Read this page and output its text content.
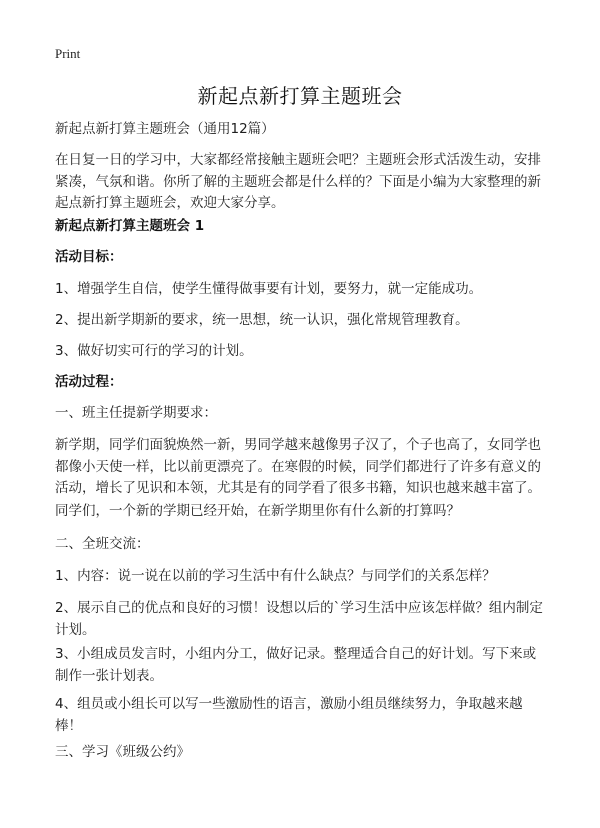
Print
新起点新打算主题班会
新起点新打算主题班会（通用12篇）
在日复一日的学习中，大家都经常接触主题班会吧？主题班会形式活泼生动，安排紧凑，气氛和谐。你所了解的主题班会都是什么样的？下面是小编为大家整理的新起点新打算主题班会，欢迎大家分享。
新起点新打算主题班会 1
活动目标：
1、增强学生自信，使学生懂得做事要有计划，要努力，就一定能成功。
2、提出新学期新的要求，统一思想，统一认识，强化常规管理教育。
3、做好切实可行的学习的计划。
活动过程：
一、班主任提新学期要求：
新学期，同学们面貌焕然一新，男同学越来越像男子汉了，个子也高了，女同学也都像小天使一样，比以前更漂亮了。在寒假的时候，同学们都进行了许多有意义的活动，增长了见识和本领，尤其是有的同学看了很多书籍，知识也越来越丰富了。
同学们，一个新的学期已经开始，在新学期里你有什么新的打算吗？
二、全班交流：
1、内容：说一说在以前的学习生活中有什么缺点？与同学们的关系怎样？
2、展示自己的优点和良好的习惯！设想以后的`学习生活中应该怎样做？组内制定计划。
3、小组成员发言时，小组内分工，做好记录。整理适合自己的好计划。写下来或制作一张计划表。
4、组员或小组长可以写一些激励性的语言，激励小组员继续努力，争取越来越棒！
三、学习《班级公约》
